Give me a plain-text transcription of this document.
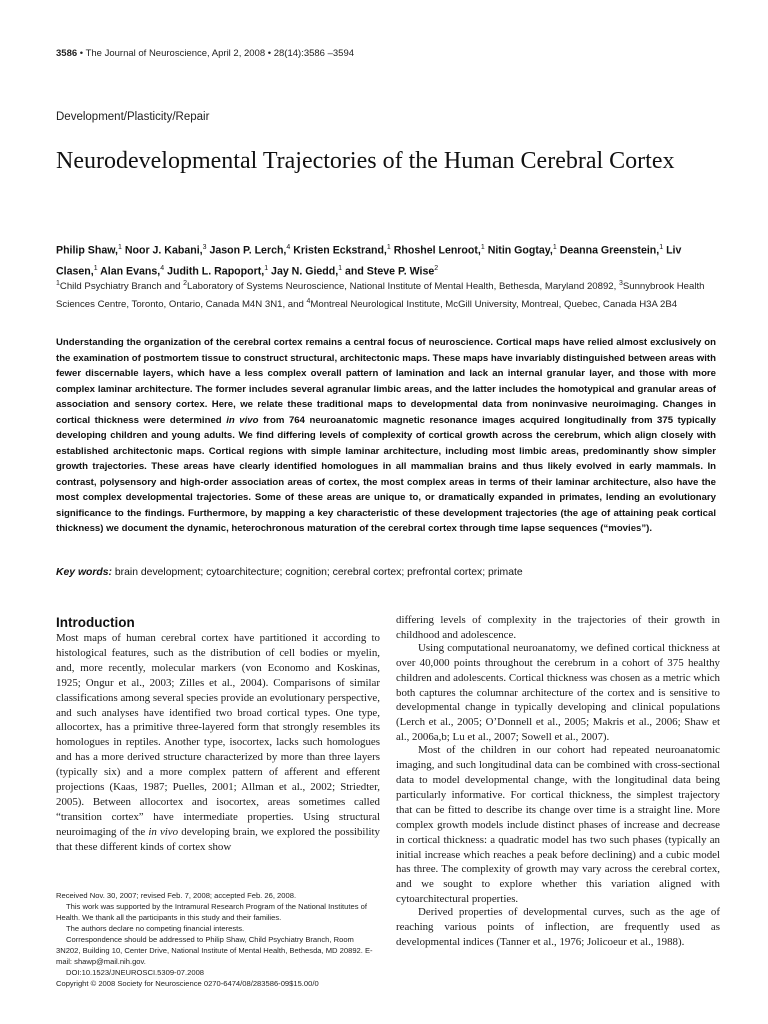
3586 • The Journal of Neuroscience, April 2, 2008 • 28(14):3586 –3594
Development/Plasticity/Repair
Neurodevelopmental Trajectories of the Human Cerebral Cortex
Philip Shaw,$^1$ Noor J. Kabani,$^3$ Jason P. Lerch,$^4$ Kristen Eckstrand,$^1$ Rhoshel Lenroot,$^1$ Nitin Gogtay,$^1$ Deanna Greenstein,$^1$ Liv Clasen,$^1$ Alan Evans,$^4$ Judith L. Rapoport,$^1$ Jay N. Giedd,$^1$ and Steve P. Wise$^2$
$^1$Child Psychiatry Branch and $^2$Laboratory of Systems Neuroscience, National Institute of Mental Health, Bethesda, Maryland 20892, $^3$Sunnybrook Health Sciences Centre, Toronto, Ontario, Canada M4N 3N1, and $^4$Montreal Neurological Institute, McGill University, Montreal, Quebec, Canada H3A 2B4

Understanding the organization of the cerebral cortex remains a central focus of neuroscience. Cortical maps have relied almost exclusively on the examination of postmortem tissue to construct structural, architectonic maps. These maps have invariably distinguished between areas with fewer discernable layers, which have a less complex overall pattern of lamination and lack an internal granular layer, and those with more complex laminar architecture. The former includes several agranular limbic areas, and the latter includes the homotypical and granular areas of association and sensory cortex. Here, we relate these traditional maps to developmental data from noninvasive neuroimaging. Changes in cortical thickness were determined in vivo from 764 neuroanatomic magnetic resonance images acquired longitudinally from 375 typically developing children and young adults. We find differing levels of complexity of cortical growth across the cerebrum, which align closely with established architectonic maps. Cortical regions with simple laminar architecture, including most limbic areas, predominantly show simpler growth trajectories. These areas have clearly identified homologues in all mammalian brains and thus likely evolved in early mammals. In contrast, polysensory and high-order association areas of cortex, the most complex areas in terms of their laminar architecture, also have the most complex developmental trajectories. Some of these areas are unique to, or dramatically expanded in primates, lending an evolutionary significance to the findings. Furthermore, by mapping a key characteristic of these development trajectories (the age of attaining peak cortical thickness) we document the dynamic, heterochronous maturation of the cerebral cortex through time lapse sequences (“movies”).

Key words: brain development; cytoarchitecture; cognition; cerebral cortex; prefrontal cortex; primate
Introduction

Most maps of human cerebral cortex have partitioned it according to histological features, such as the distribution of cell bodies or myelin, and, more recently, molecular markers (von Economo and Koskinas, 1925; Ongur et al., 2003; Zilles et al., 2004). Comparisons of similar classifications among several species provide an evolutionary perspective, and such analyses have identified two broad cortical types. One type, allocortex, has a primitive three-layered form that strongly resembles its homologues in reptiles. Another type, isocortex, lacks such homologues and has a more derived structure characterized by more than three layers (typically six) and a more complex pattern of afferent and efferent projections (Kaas, 1987; Puelles, 2001; Allman et al., 2002; Striedter, 2005). Between allocortex and isocortex, areas sometimes called “transition cortex” have intermediate properties. Using structural neuroimaging of the in vivo developing brain, we explored the possibility that these different kinds of cortex show

differing levels of complexity in the trajectories of their growth in childhood and adolescence.

Using computational neuroanatomy, we defined cortical thickness at over 40,000 points throughout the cerebrum in a cohort of 375 healthy children and adolescents. Cortical thickness was chosen as a metric which both captures the columnar architecture of the cortex and is sensitive to developmental change in typically developing and clinical populations (Lerch et al., 2005; O’Donnell et al., 2005; Makris et al., 2006; Shaw et al., 2006a,b; Lu et al., 2007; Sowell et al., 2007).

Most of the children in our cohort had repeated neuroanatomic imaging, and such longitudinal data can be combined with cross-sectional data to model developmental change, with the longitudinal data being particularly informative. For cortical thickness, the simplest trajectory that can be fitted to describe its change over time is a straight line. More complex growth models include distinct phases of increase and decrease in cortical thickness: a quadratic model has two such phases (typically an initial increase which reaches a peak before declining) and a cubic model has three. The complexity of growth may vary across the cerebral cortex, and we sought to explore whether this variation aligned with cytoarchitectural properties.

Derived properties of developmental curves, such as the age of reaching various points of inflection, are frequently used as developmental indices (Tanner et al., 1976; Jolicoeur et al., 1988).

Received Nov. 30, 2007; revised Feb. 7, 2008; accepted Feb. 26, 2008.

This work was supported by the Intramural Research Program of the National Institutes of Health. We thank all the participants in this study and their families.

The authors declare no competing financial interests.

Correspondence should be addressed to Philip Shaw, Child Psychiatry Branch, Room 3N202, Building 10, Center Drive, National Institute of Mental Health, Bethesda, MD 20892. E-mail: shawp@mail.nih.gov.

DOI:10.1523/JNEUROSCI.5309-07.2008

Copyright © 2008 Society for Neuroscience 0270-6474/08/283586-09$15.00/0
